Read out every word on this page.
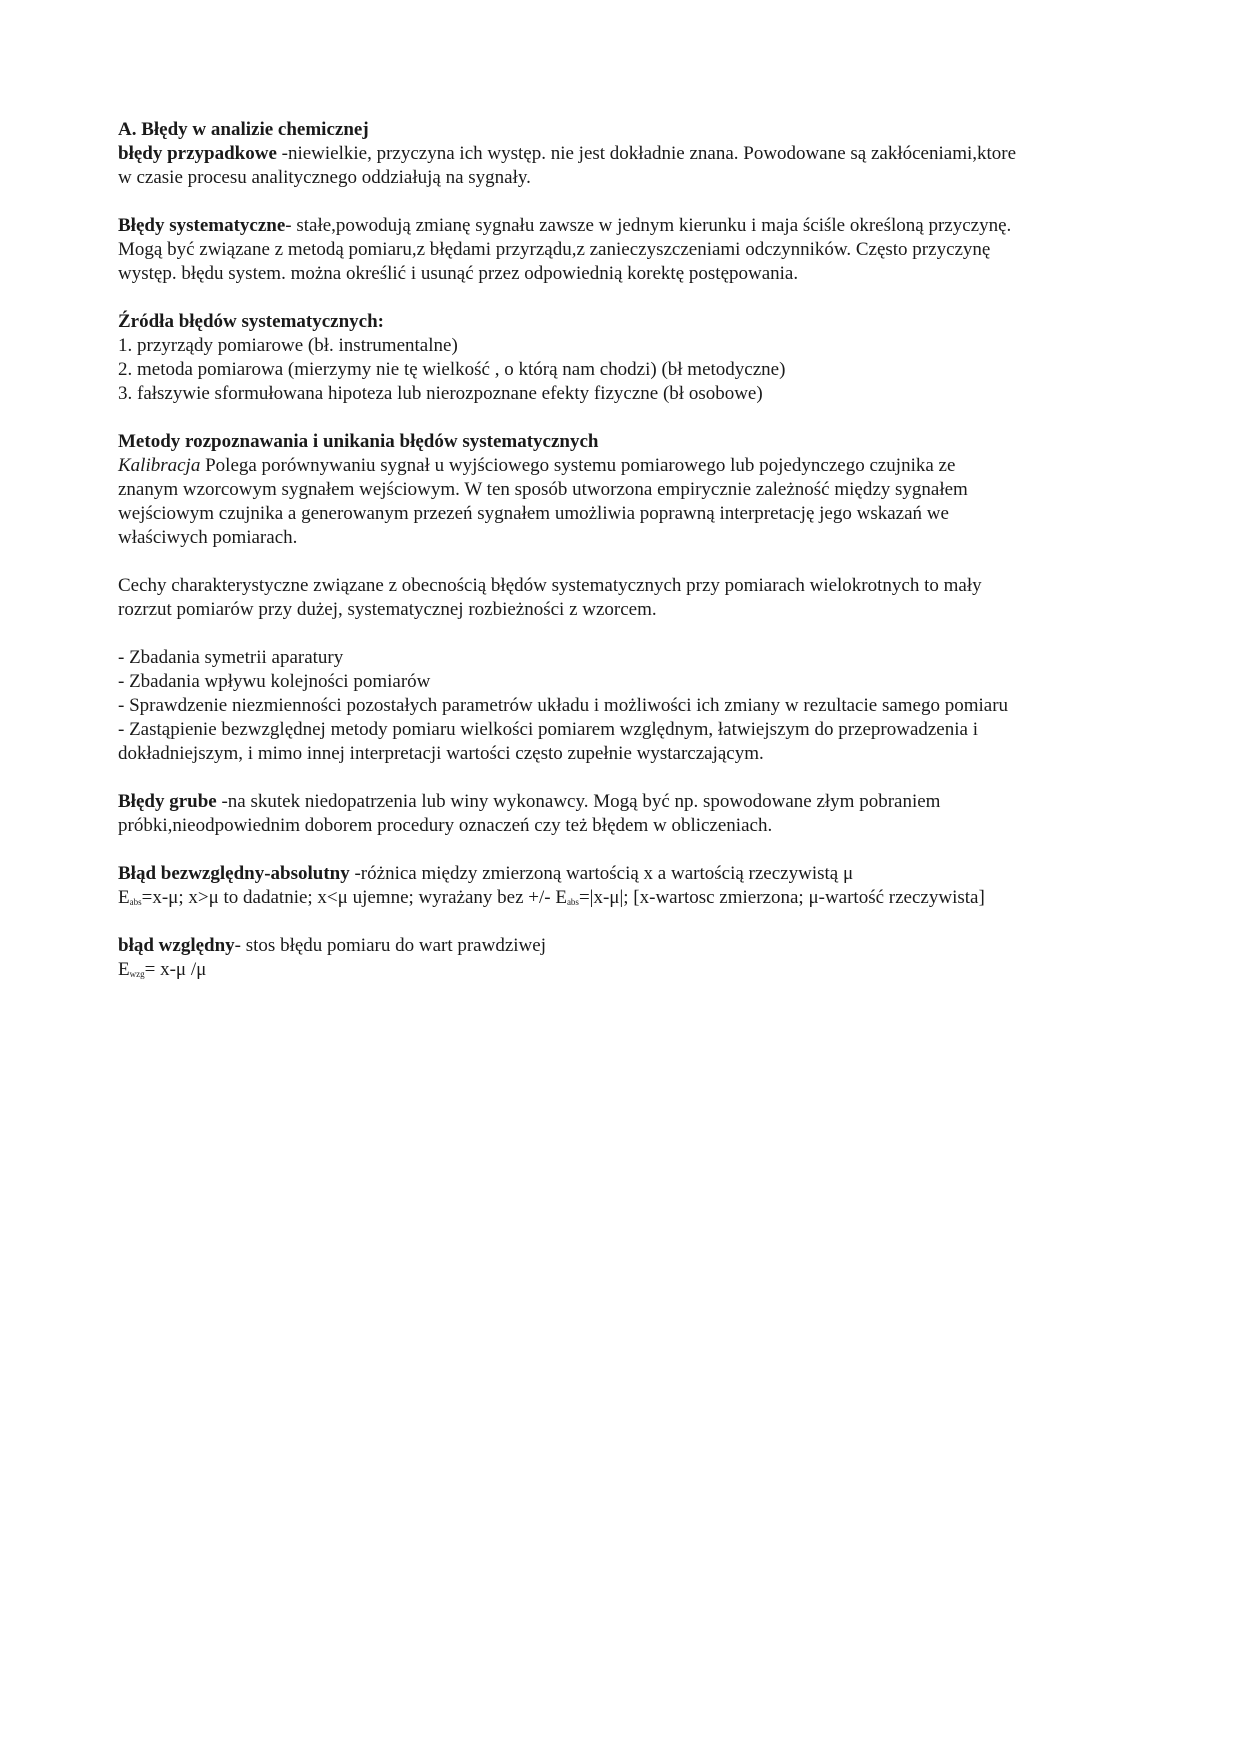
A. Błędy w analizie chemicznej
błędy przypadkowe -niewielkie, przyczyna ich występ. nie jest dokładnie znana. Powodowane są zakłóceniami,ktore
w czasie procesu analitycznego oddziałują na sygnały.
Błędy systematyczne- stałe,powodują zmianę sygnału zawsze w jednym kierunku i maja ściśle określoną przyczynę.
Mogą być związane z metodą pomiaru,z błędami przyrządu,z zanieczyszczeniami odczynników. Często przyczynę
występ. błędu system. można określić i usunąć przez odpowiednią korektę postępowania.
Źródła błędów systematycznych:
1. przyrządy pomiarowe (bł. instrumentalne)
2. metoda pomiarowa (mierzymy nie tę wielkość , o którą nam chodzi) (bł metodyczne)
3. fałszywie sformułowana hipoteza lub nierozpoznane efekty fizyczne (bł osobowe)
Metody rozpoznawania i unikania błędów systematycznych
Kalibracja Polega porównywaniu sygnał u wyjściowego systemu pomiarowego lub pojedynczego czujnika ze
znanym wzorcowym sygnałem wejściowym. W ten sposób utworzona empirycznie zależność między sygnałem
wejściowym czujnika a generowanym przezeń sygnałem umożliwia poprawną interpretację jego wskazań we
właściwych pomiarach.
Cechy charakterystyczne związane z obecnością błędów systematycznych przy pomiarach wielokrotnych to mały
rozrzut pomiarów przy dużej, systematycznej rozbieżności z wzorcem.
- Zbadania symetrii aparatury
- Zbadania wpływu kolejności pomiarów
- Sprawdzenie niezmienności pozostałych parametrów układu i możliwości ich zmiany w rezultacie samego pomiaru
- Zastąpienie bezwzględnej metody pomiaru wielkości pomiarem względnym, łatwiejszym do przeprowadzenia i
dokładniejszym, i mimo innej interpretacji wartości często zupełnie wystarczającym.
Błędy grube -na skutek niedopatrzenia lub winy wykonawcy. Mogą być np. spowodowane złym pobraniem
próbki,nieodpowiednim doborem procedury oznaczeń czy też błędem w obliczeniach.
Błąd bezwzględny-absolutny -różnica między zmierzoną wartością x a wartością rzeczywistą μ
$E_{abs}=x-\mu$; x>μ to dadatnie; x<μ ujemne; wyrażany bez +/- $E_{abs}=|x-\mu|$; [x-wartosc zmierzona; μ-wartość rzeczywista]
błąd względny- stos błędu pomiaru do wart prawdziwej
$E_{wzg}= x-\mu$ /μ
